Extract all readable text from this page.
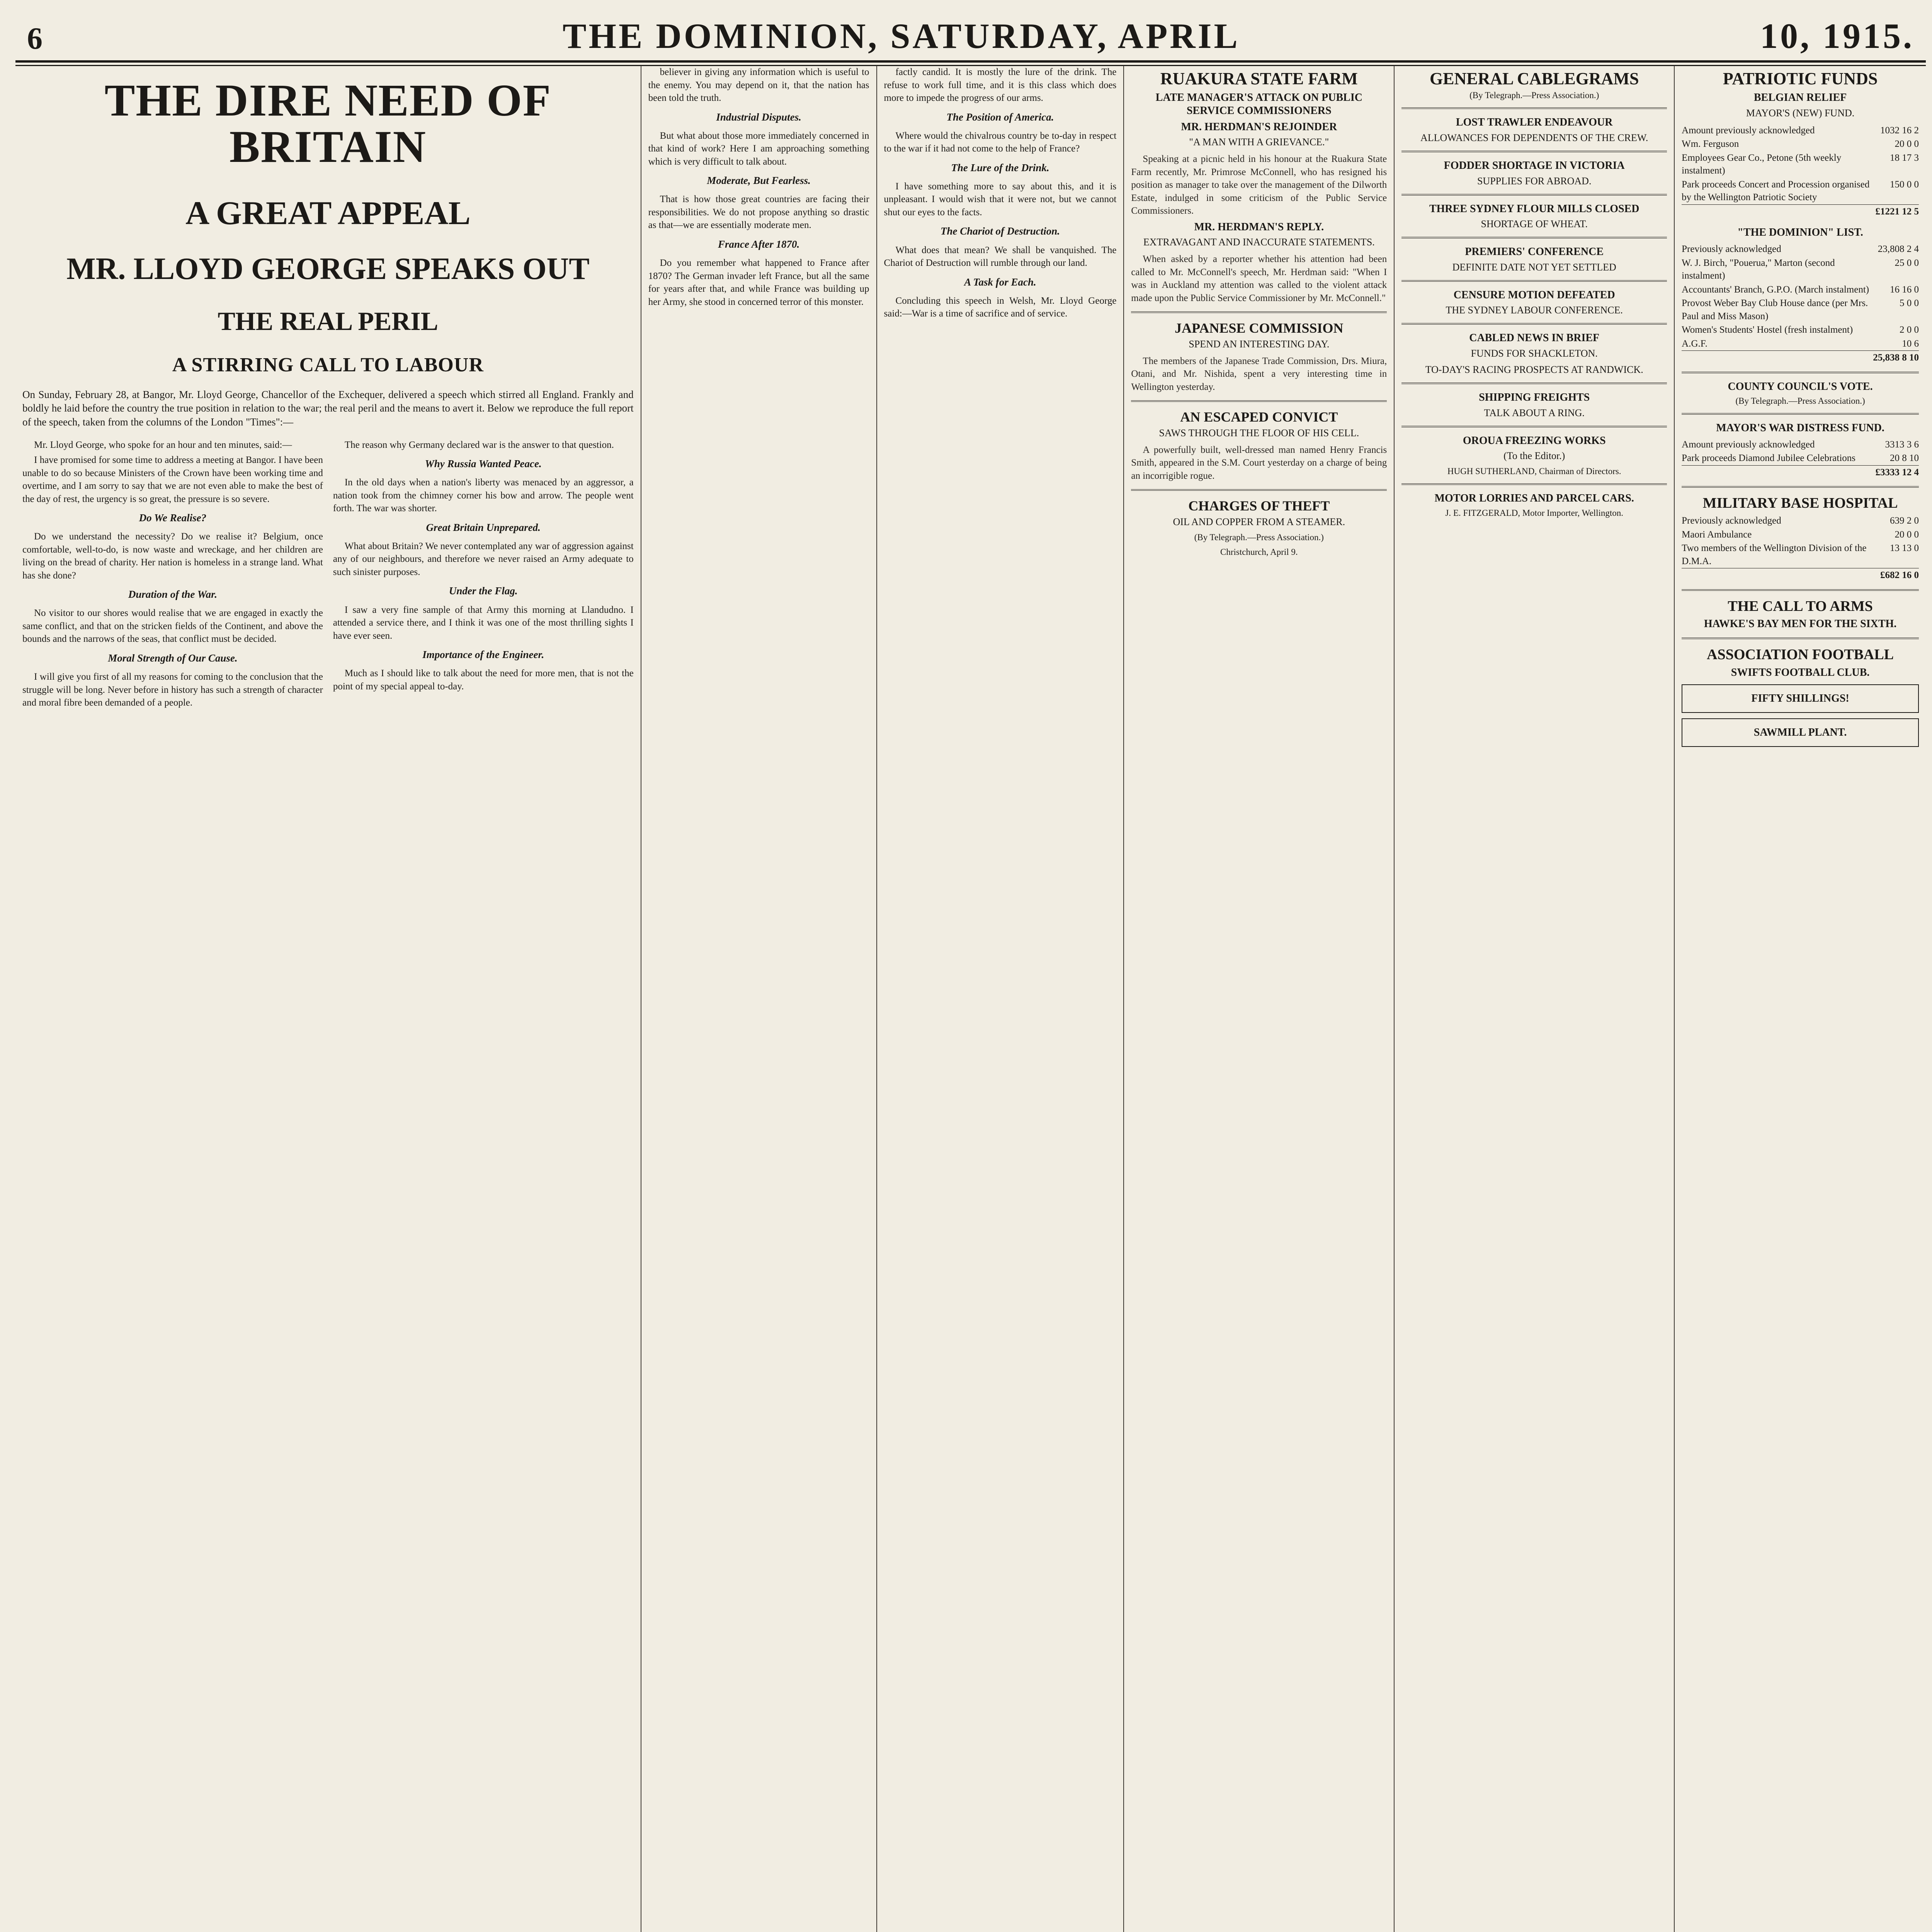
6	THE DOMINION, SATURDAY, APRIL	10, 1915.
THE DIRE NEED OF BRITAIN
A GREAT APPEAL
MR. LLOYD GEORGE SPEAKS OUT
THE REAL PERIL
A STIRRING CALL TO LABOUR
On Sunday, February 28, at Bangor, Mr. Lloyd George, Chancellor of the Exchequer, delivered a speech which stirred all England. Frankly and boldly he laid before the country the true position in relation to the war; the real peril and the means to avert it. Below we reproduce the full report of the speech, taken from the columns of the London "Times":—

Mr. Lloyd George, who spoke for an hour and ten minutes, said:—

I have promised for some time to address a meeting at Bangor. I have been unable to do so because Ministers of the Crown have been working time and overtime, and I am sorry to say that we are not even able to make the best of the day of rest, the urgency is so great, the pressure is so severe.

Do We Realise?

Do we understand the necessity? Do we realise it? Belgium, once comfortable, well-to-do, is now waste and wreckage, and her children are living on the bread of charity. Her nation is homeless in a strange land. What has she done?

Duration of the War.

No visitor to our shores would realise that we are engaged in exactly the same conflict, and that on the stricken fields of the Continent, and above the bounds and the narrows of the seas, that conflict must be decided.

Moral Strength of Our Cause.

I will give you first of all my reasons for coming to the conclusion that the struggle will be long. Never before in history has such a strength of character and moral fibre been demanded of a people.

The reason why Germany declared war is the answer to that question.

Why Russia Wanted Peace.

In the old days when a nation's liberty was menaced by an aggressor, a nation took from the chimney corner his bow and arrow. The people went forth. The war was shorter.

Great Britain Unprepared.

What about Britain? We never contemplated any war of aggression against any of our neighbours, and therefore we never raised an Army adequate to such sinister purposes.

Under the Flag.

I saw a very fine sample of that Army this morning at Llandudno. I attended a service there, and I think it was one of the most thrilling sights I have ever seen.

Importance of the Engineer.

Much as I should like to talk about the need for more men, that is not the point of my special appeal to-day.

believer in giving any information which is useful to the enemy. You may depend on it, that the nation has been told the truth.

Industrial Disputes.

But what about those more immediately concerned in that kind of work? Here I am approaching something which is very difficult to talk about.

Moderate, But Fearless.

That is how those great countries are facing their responsibilities. We do not propose anything so drastic as that—we are essentially moderate men.

France After 1870.

Do you remember what happened to France after 1870? The German invader left France, but all the same for years after that, and while France was building up her Army, she stood in concerned terror of this monster.

factly candid. It is mostly the lure of the drink. The refuse to work full time, and it is this class which does more to impede the progress of our arms.

The Position of America.

Where would the chivalrous country be to-day in respect to the war if it had not come to the help of France?

The Lure of the Drink.

I have something more to say about this, and it is unpleasant. I would wish that it were not, but we cannot shut our eyes to the facts.

The Chariot of Destruction.

What does that mean? We shall be vanquished. The Chariot of Destruction will rumble through our land.

A Task for Each.

Concluding this speech in Welsh, Mr. Lloyd George said:—War is a time of sacrifice and of service.

RUAKURA STATE FARM
LATE MANAGER'S ATTACK ON PUBLIC SERVICE COMMISSIONERS
MR. HERDMAN'S REJOINDER
"A MAN WITH A GRIEVANCE."

Speaking at a picnic held in his honour at the Ruakura State Farm recently, Mr. Primrose McConnell, who has resigned his position as manager to take over the management of the Dilworth Estate, indulged in some criticism of the Public Service Commissioners.

MR. HERDMAN'S REPLY.
EXTRAVAGANT AND INACCURATE STATEMENTS.

When asked by a reporter whether his attention had been called to Mr. McConnell's speech, Mr. Herdman said: "When I was in Auckland my attention was called to the violent attack made upon the Public Service Commissioner by Mr. McConnell."

JAPANESE COMMISSION
SPEND AN INTERESTING DAY.

The members of the Japanese Trade Commission, Drs. Miura, Otani, and Mr. Nishida, spent a very interesting time in Wellington yesterday.

AN ESCAPED CONVICT
SAWS THROUGH THE FLOOR OF HIS CELL.

A powerfully built, well-dressed man named Henry Francis Smith, appeared in the S.M. Court yesterday on a charge of being an incorrigible rogue.

CHARGES OF THEFT
OIL AND COPPER FROM A STEAMER.
(By Telegraph.—Press Association.)
Christchurch, April 9.
GENERAL CABLEGRAMS
(By Telegraph.—Press Association.)
LOST TRAWLER ENDEAVOUR
ALLOWANCES FOR DEPENDENTS OF THE CREW.
FODDER SHORTAGE IN VICTORIA
SUPPLIES FOR ABROAD.
THREE SYDNEY FLOUR MILLS CLOSED
SHORTAGE OF WHEAT.
PREMIERS' CONFERENCE
DEFINITE DATE NOT YET SETTLED
CENSURE MOTION DEFEATED
THE SYDNEY LABOUR CONFERENCE.
CABLED NEWS IN BRIEF
FUNDS FOR SHACKLETON.
TO-DAY'S RACING PROSPECTS AT RANDWICK.
SHIPPING FREIGHTS
TALK ABOUT A RING.
OROUA FREEZING WORKS
(To the Editor.)
HUGH SUTHERLAND, Chairman of Directors.
MOTOR LORRIES AND PARCEL CARS.
J. E. FITZGERALD, Motor Importer, Wellington.
PATRIOTIC FUNDS
BELGIAN RELIEF
MAYOR'S (NEW) FUND.
Amount previously acknowledged	1032 16 2
Wm. Ferguson	20 0 0
Employees Gear Co., Petone (5th weekly instalment)	18 17 3
Park proceeds Concert and Procession organised by the Wellington Patriotic Society	150 0 0
	£1221 12 5
"THE DOMINION" LIST.
Previously acknowledged	23,808 2 4
W. J. Birch, "Pouerua," Marton (second instalment)	25 0 0
Accountants' Branch, G.P.O. (March instalment)	16 16 0
Provost Weber Bay Club House dance (per Mrs. Paul and Miss Mason)	5 0 0
Women's Students' Hostel (fresh instalment)	2 0 0
A.G.F.	10 6
	25,838 8 10
COUNTY COUNCIL'S VOTE.
(By Telegraph.—Press Association.)
MAYOR'S WAR DISTRESS FUND.
Amount previously acknowledged	3313 3 6
Park proceeds Diamond Jubilee Celebrations	20 8 10
	£3333 12 4
MILITARY BASE HOSPITAL
Previously acknowledged	639 2 0
Maori Ambulance	20 0 0
Two members of the Wellington Division of the D.M.A.	13 13 0
	£682 16 0
THE CALL TO ARMS
HAWKE'S BAY MEN FOR THE SIXTH.
ASSOCIATION FOOTBALL
SWIFTS FOOTBALL CLUB.
FIFTY SHILLINGS!
SAWMILL PLANT.
